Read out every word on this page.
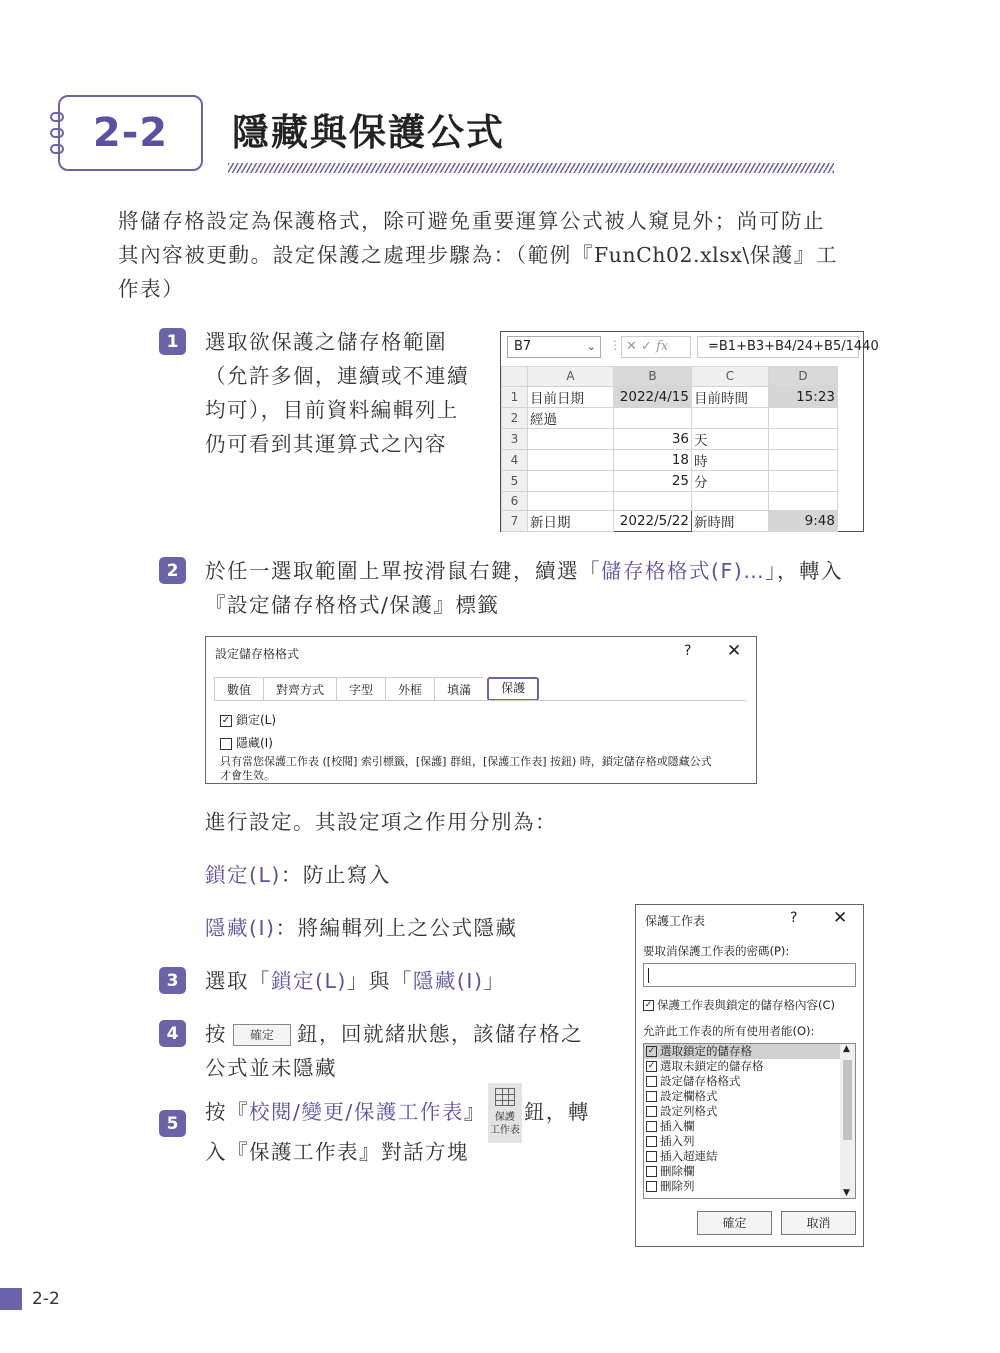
2-2 隱藏與保護公式
將儲存格設定為保護格式，除可避免重要運算公式被人窺見外；尚可防止
其內容被更動。設定保護之處理步驟為：（範例『FunCh02.xlsx\保護』工
作表）
1	選取欲保護之儲存格範圍
（允許多個，連續或不連續
均可），目前資料編輯列上
仍可看到其運算式之內容
B7	⌄ ⋮ ✕ ✓ fx	=B1+B3+B4/24+B5/1440
	A	B	C	D
1	目前日期	2022/4/15	目前時間	15:23
2	經過			
3		36	天	
4		18	時	
5		25	分	
6				
7	新日期	2022/5/22	新時間	9:48
2	於任一選取範圍上單按滑鼠右鍵，續選「儲存格格式(F)…」，轉入
『設定儲存格格式/保護』標籤
設定儲存格格式	? ✕
數值	對齊方式	字型	外框	填滿	保護
✓ 鎖定(L)
隱藏(I)
只有當您保護工作表 ([校閱] 索引標籤，[保護] 群組，[保護工作表] 按鈕) 時，鎖定儲存格或隱藏公式
才會生效。
進行設定。其設定項之作用分別為：
鎖定(L)：防止寫入
隱藏(I)：將編輯列上之公式隱藏
3	選取「鎖定(L)」與「隱藏(I)」
4	按 確定 鈕，回就緒狀態，該儲存格之
公式並未隱藏
5	按『校閱/變更/保護工作表』 保護
工作表
鈕，轉
入『保護工作表』對話方塊
保護工作表	? ✕
要取消保護工作表的密碼(P):
✓ 保護工作表與鎖定的儲存格內容(C)
允許此工作表的所有使用者能(O):
✓ 選取鎖定的儲存格
✓ 選取未鎖定的儲存格
設定儲存格格式
設定欄格式
設定列格式
插入欄
插入列
插入超連結
刪除欄
刪除列
▲
▼
確定	取消
2-2
